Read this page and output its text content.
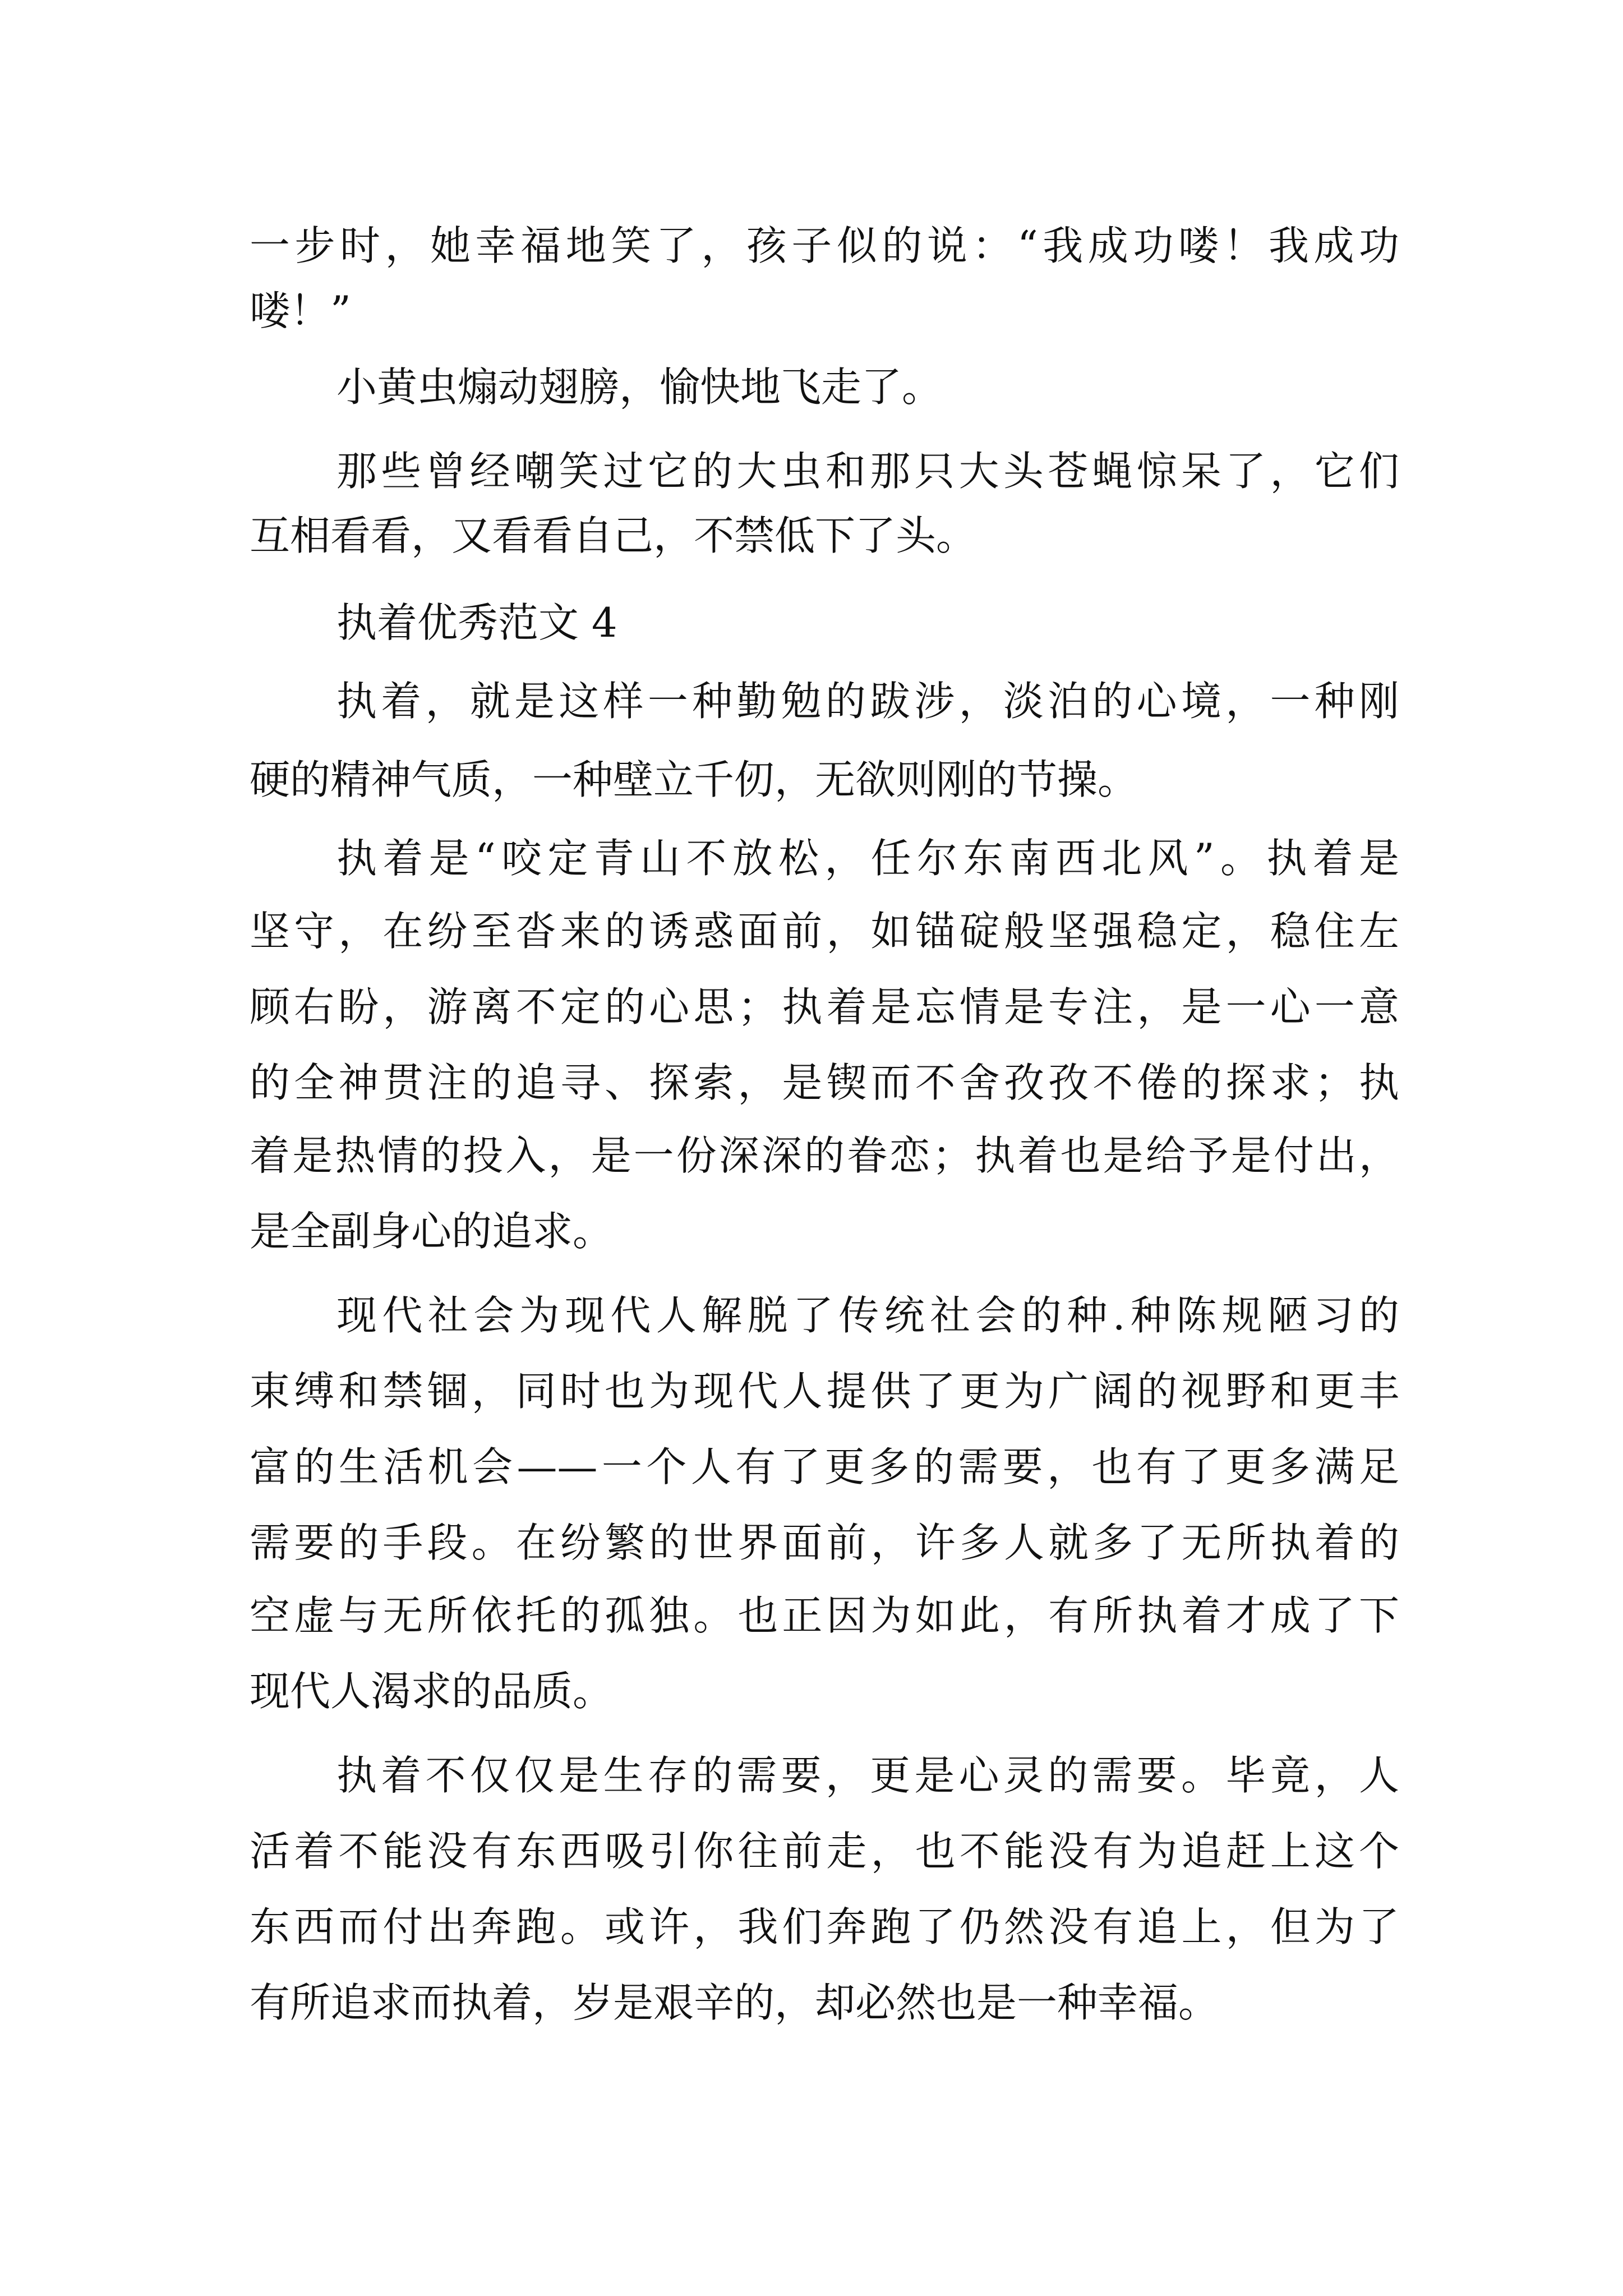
一步时，她幸福地笑了，孩子似的说：“我成功喽！我成功
喽！”
小黄虫煽动翅膀，愉快地飞走了。
那些曾经嘲笑过它的大虫和那只大头苍蝇惊呆了，它们
互相看看，又看看自己，不禁低下了头。
执着优秀范文 4
执着，就是这样一种勤勉的跋涉，淡泊的心境，一种刚
硬的精神气质，一种壁立千仞，无欲则刚的节操。
执着是“咬定青山不放松，任尔东南西北风”。执着是
坚守，在纷至沓来的诱惑面前，如锚碇般坚强稳定，稳住左
顾右盼，游离不定的心思；执着是忘情是专注，是一心一意
的全神贯注的追寻、探索，是锲而不舍孜孜不倦的探求；执
着是热情的投入，是一份深深的眷恋；执着也是给予是付出，
是全副身心的追求。
现代社会为现代人解脱了传统社会的种.种陈规陋习的
束缚和禁锢，同时也为现代人提供了更为广阔的视野和更丰
富的生活机会——一个人有了更多的需要，也有了更多满足
需要的手段。在纷繁的世界面前，许多人就多了无所执着的
空虚与无所依托的孤独。也正因为如此，有所执着才成了下
现代人渴求的品质。
执着不仅仅是生存的需要，更是心灵的需要。毕竟，人
活着不能没有东西吸引你往前走，也不能没有为追赶上这个
东西而付出奔跑。或许，我们奔跑了仍然没有追上，但为了
有所追求而执着，岁是艰辛的，却必然也是一种幸福。
